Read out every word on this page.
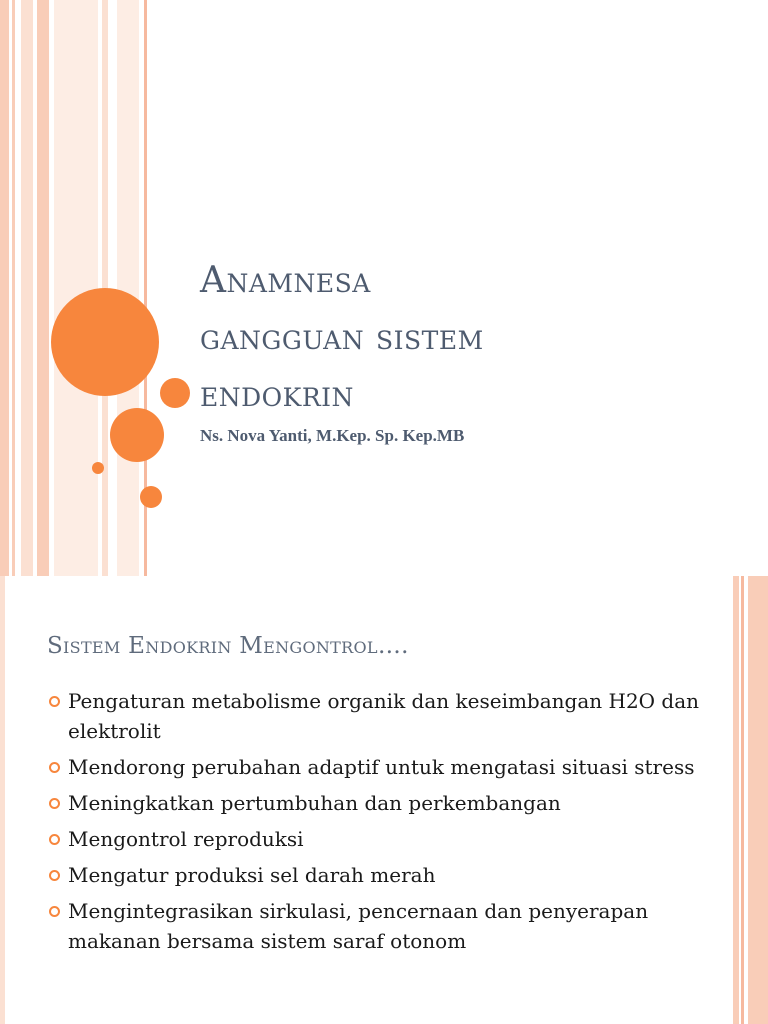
Anamnesa
gangguan sistem
endokrin

Ns. Nova Yanti, M.Kep. Sp. Kep.MB

Sistem Endokrin Mengontrol….
Pengaturan metabolisme organik dan keseimbangan H2O dan elektrolit
Mendorong perubahan adaptif untuk mengatasi situasi stress
Meningkatkan pertumbuhan dan perkembangan
Mengontrol reproduksi
Mengatur produksi sel darah merah
Mengintegrasikan sirkulasi, pencernaan dan penyerapan makanan bersama sistem saraf otonom
